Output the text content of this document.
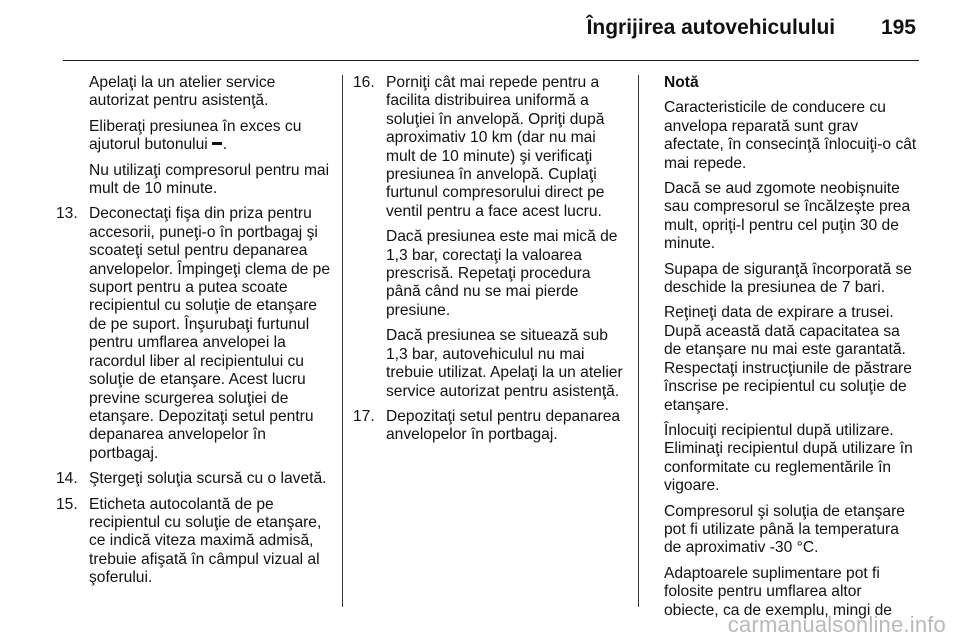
Îngrijirea autovehiculului 195

Apelaţi la un atelier service autorizat pentru asistenţă.

Eliberaţi presiunea în exces cu ajutorul butonului .

Nu utilizaţi compresorul pentru mai mult de 10 minute.

13. Deconectaţi fişa din priza pentru accesorii, puneţi-o în portbagaj şi scoateţi setul pentru depanarea anvelopelor. Împingeţi clema de pe suport pentru a putea scoate recipientul cu soluţie de etanşare de pe suport. Înşurubaţi furtunul pentru umflarea anvelopei la racordul liber al recipientului cu soluţie de etanşare. Acest lucru previne scurgerea soluţiei de etanşare. Depozitaţi setul pentru depanarea anvelopelor în portbagaj.
14. Ştergeţi soluţia scursă cu o lavetă.
15. Eticheta autocolantă de pe recipientul cu soluţie de etanşare, ce indică viteza maximă admisă, trebuie afişată în câmpul vizual al şoferului.
16. Porniţi cât mai repede pentru a facilita distribuirea uniformă a soluţiei în anvelopă. Opriţi după aproximativ 10 km (dar nu mai mult de 10 minute) şi verificaţi presiunea în anvelopă. Cuplaţi furtunul compresorului direct pe ventil pentru a face acest lucru.
Dacă presiunea este mai mică de 1,3 bar, corectaţi la valoarea prescrisă. Repetaţi procedura până când nu se mai pierde presiune.
Dacă presiunea se situează sub 1,3 bar, autovehiculul nu mai trebuie utilizat. Apelaţi la un atelier service autorizat pentru asistenţă.
17. Depozitaţi setul pentru depanarea anvelopelor în portbagaj.

Notă

Caracteristicile de conducere cu anvelopa reparată sunt grav afectate, în consecinţă înlocuiţi-o cât mai repede.

Dacă se aud zgomote neobişnuite sau compresorul se încălzeşte prea mult, opriţi-l pentru cel puţin 30 de minute.

Supapa de siguranţă încorporată se deschide la presiunea de 7 bari.

Reţineţi data de expirare a trusei. După această dată capacitatea sa de etanşare nu mai este garantată. Respectaţi instrucţiunile de păstrare înscrise pe recipientul cu soluţie de etanşare.

Înlocuiţi recipientul după utilizare. Eliminaţi recipientul după utilizare în conformitate cu reglementările în vigoare.

Compresorul şi soluţia de etanşare pot fi utilizate până la temperatura de aproximativ -30 °C.

Adaptoarele suplimentare pot fi folosite pentru umflarea altor obiecte, ca de exemplu, mingi de

carmanualsonline.info
